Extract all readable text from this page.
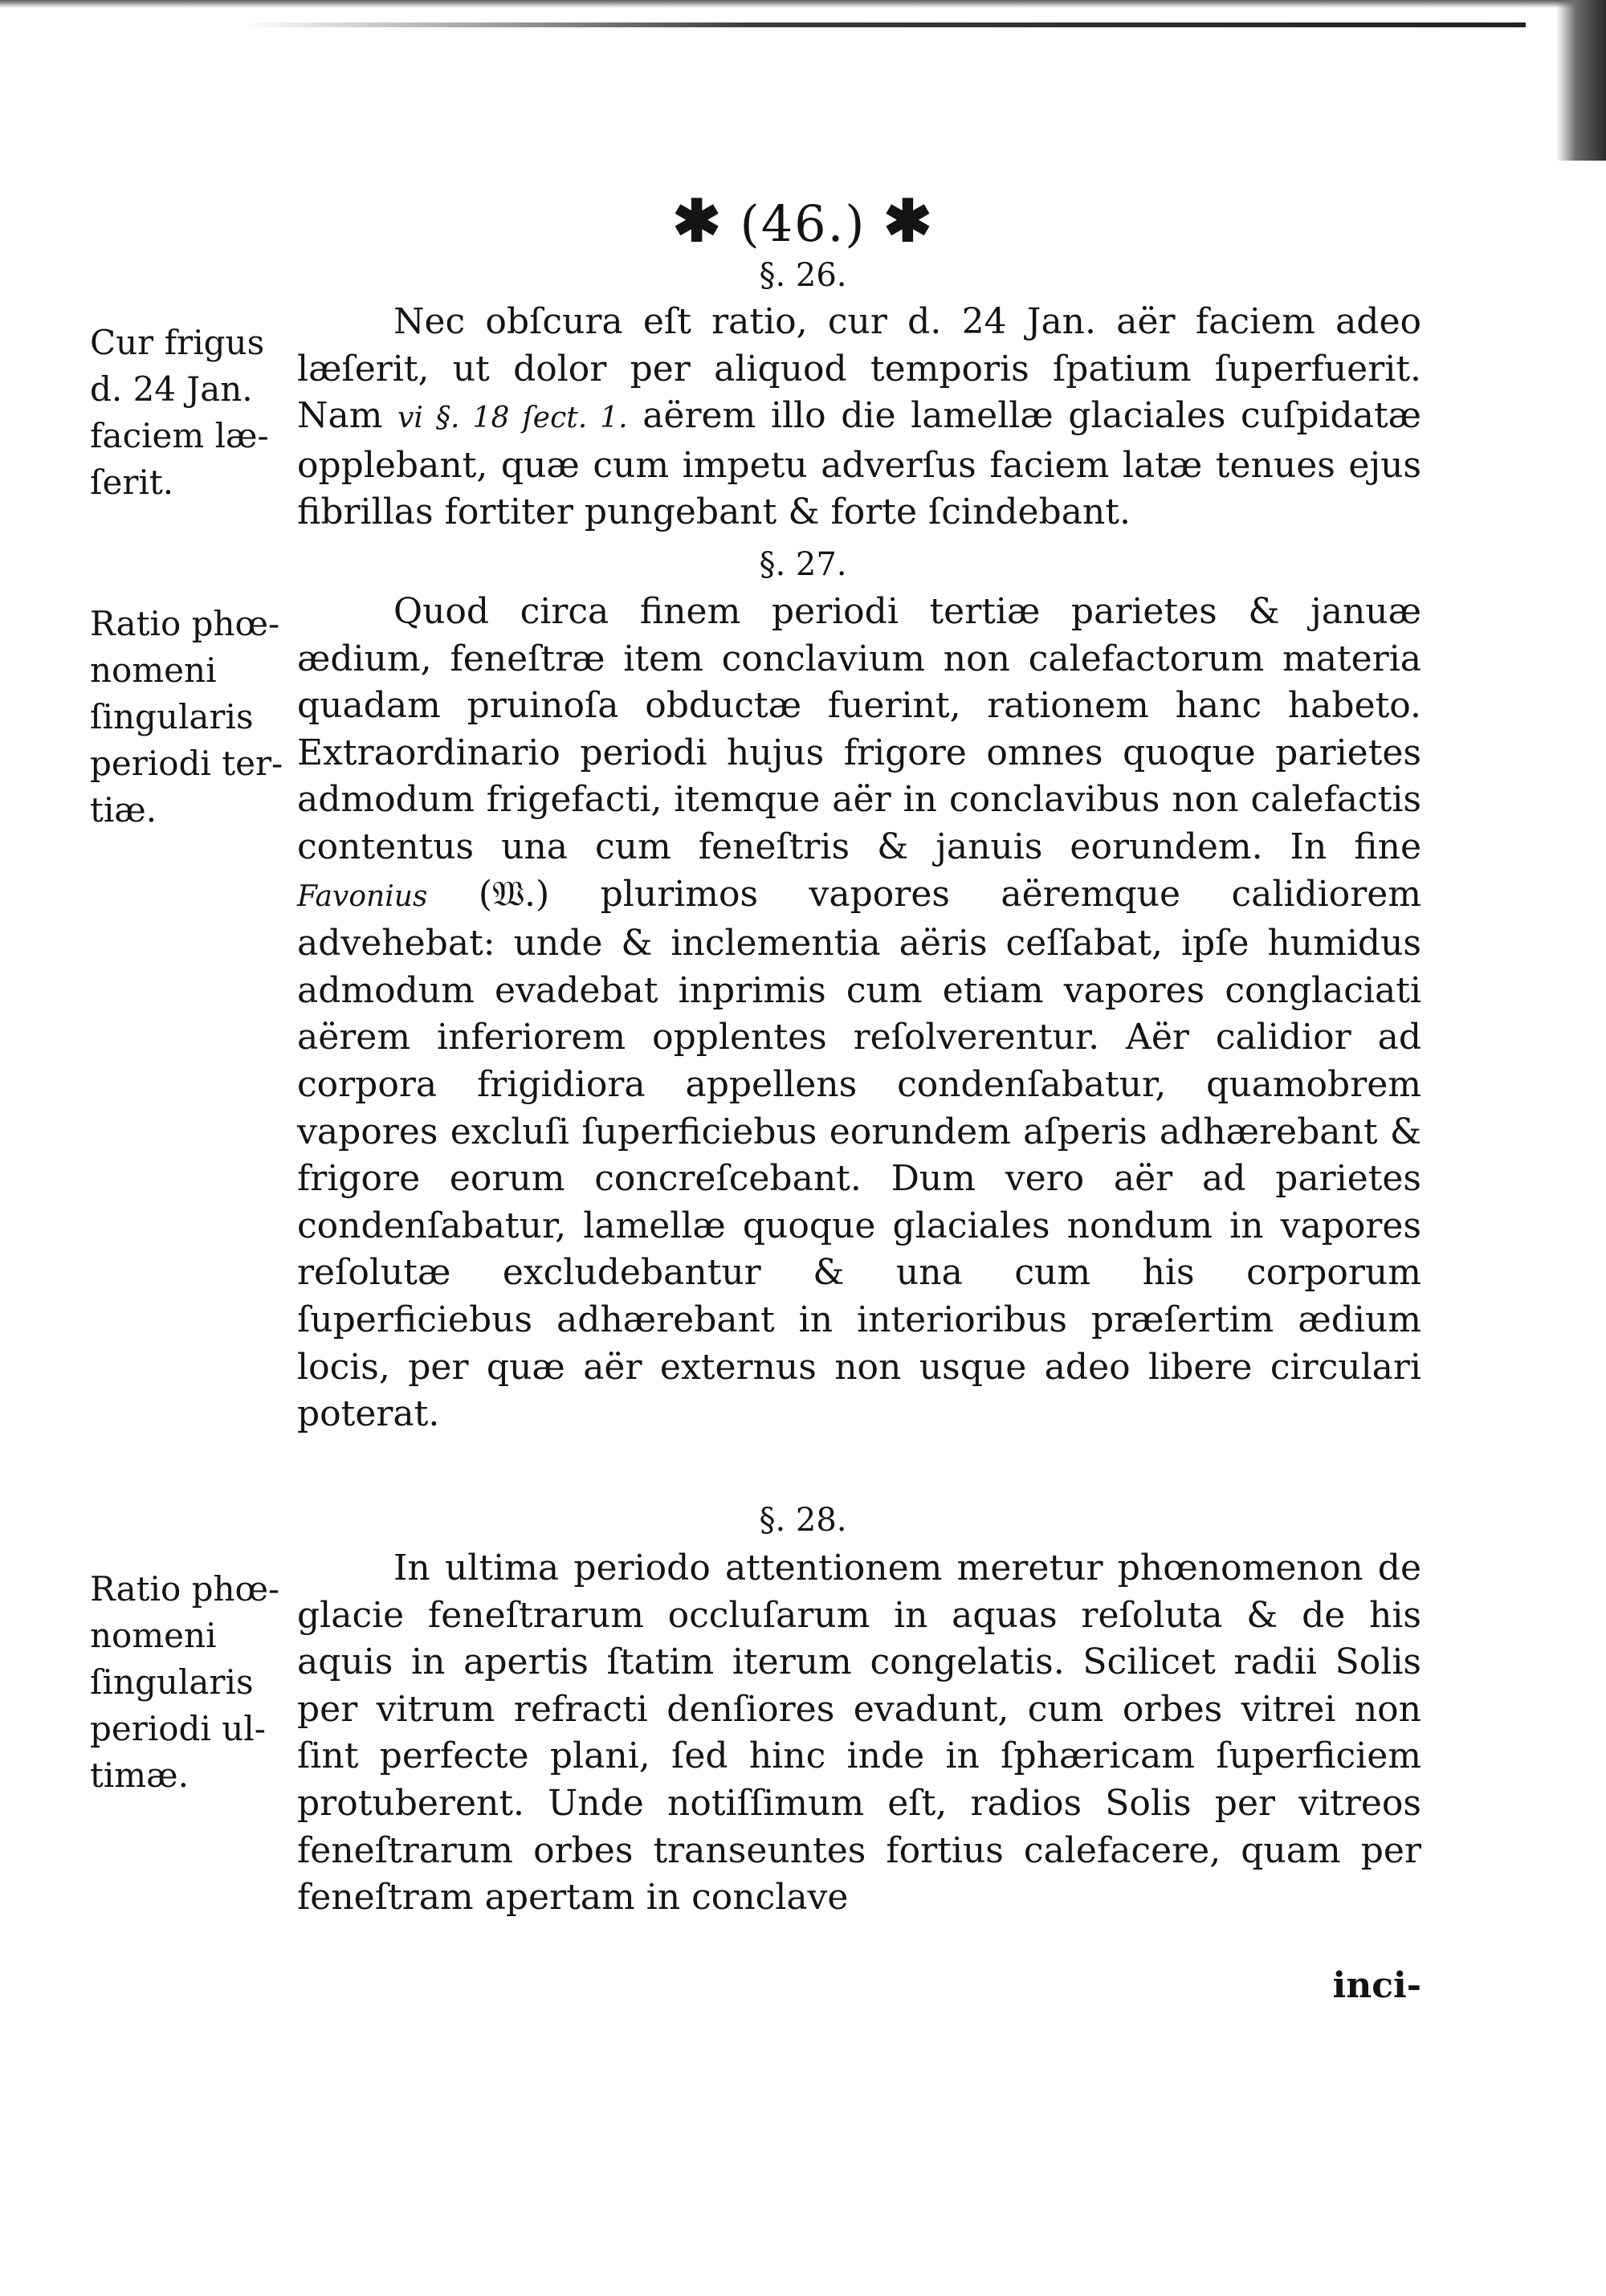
✱ (46.) ✱
§. 26.
Cur frigus
d. 24 Jan.
faciem læ-
ſerit.
Nec obſcura eſt ratio, cur d. 24 Jan. aër faciem adeo læſerit, ut dolor per aliquod temporis ſpatium ſuperfuerit. Nam vi §. 18 ſect. 1. aërem illo die lamellæ glaciales cuſpidatæ opplebant, quæ cum impetu adverſus faciem latæ tenues ejus fibrillas fortiter pungebant & forte ſcindebant.
§. 27.
Ratio phœ-
nomeni
ſingularis
periodi ter-
tiæ.
Quod circa finem periodi tertiæ parietes & januæ ædium, feneſtræ item conclavium non calefactorum materia quadam pruinoſa obductæ fuerint, rationem hanc habeto. Extraordinario periodi hujus frigore omnes quoque parietes admodum frigefacti, itemque aër in conclavibus non calefactis contentus una cum feneſtris & januis eorundem. In fine Favonius (𝔚.) plurimos vapores aëremque calidiorem advehebat: unde & inclementia aëris ceſſabat, ipſe humidus admodum evadebat inprimis cum etiam vapores conglaciati aërem inferiorem opplentes reſolverentur. Aër calidior ad corpora frigidiora appellens condenſabatur, quamobrem vapores excluſi ſuperficiebus eorundem aſperis adhærebant & frigore eorum concreſcebant. Dum vero aër ad parietes condenſabatur, lamellæ quoque glaciales nondum in vapores reſolutæ excludebantur & una cum his corporum ſuperficiebus adhærebant in interioribus præſertim ædium locis, per quæ aër externus non usque adeo libere circulari poterat.
§. 28.
Ratio phœ-
nomeni
ſingularis
periodi ul-
timæ.
In ultima periodo attentionem meretur phœnomenon de glacie feneſtrarum occluſarum in aquas reſoluta & de his aquis in apertis ſtatim iterum congelatis. Scilicet radii Solis per vitrum refracti denſiores evadunt, cum orbes vitrei non ſint perfecte plani, ſed hinc inde in ſphæricam ſuperficiem protuberent. Unde notiſſimum eſt, radios Solis per vitreos feneſtrarum orbes transeuntes fortius calefacere, quam per feneſtram apertam in conclave
inci-
